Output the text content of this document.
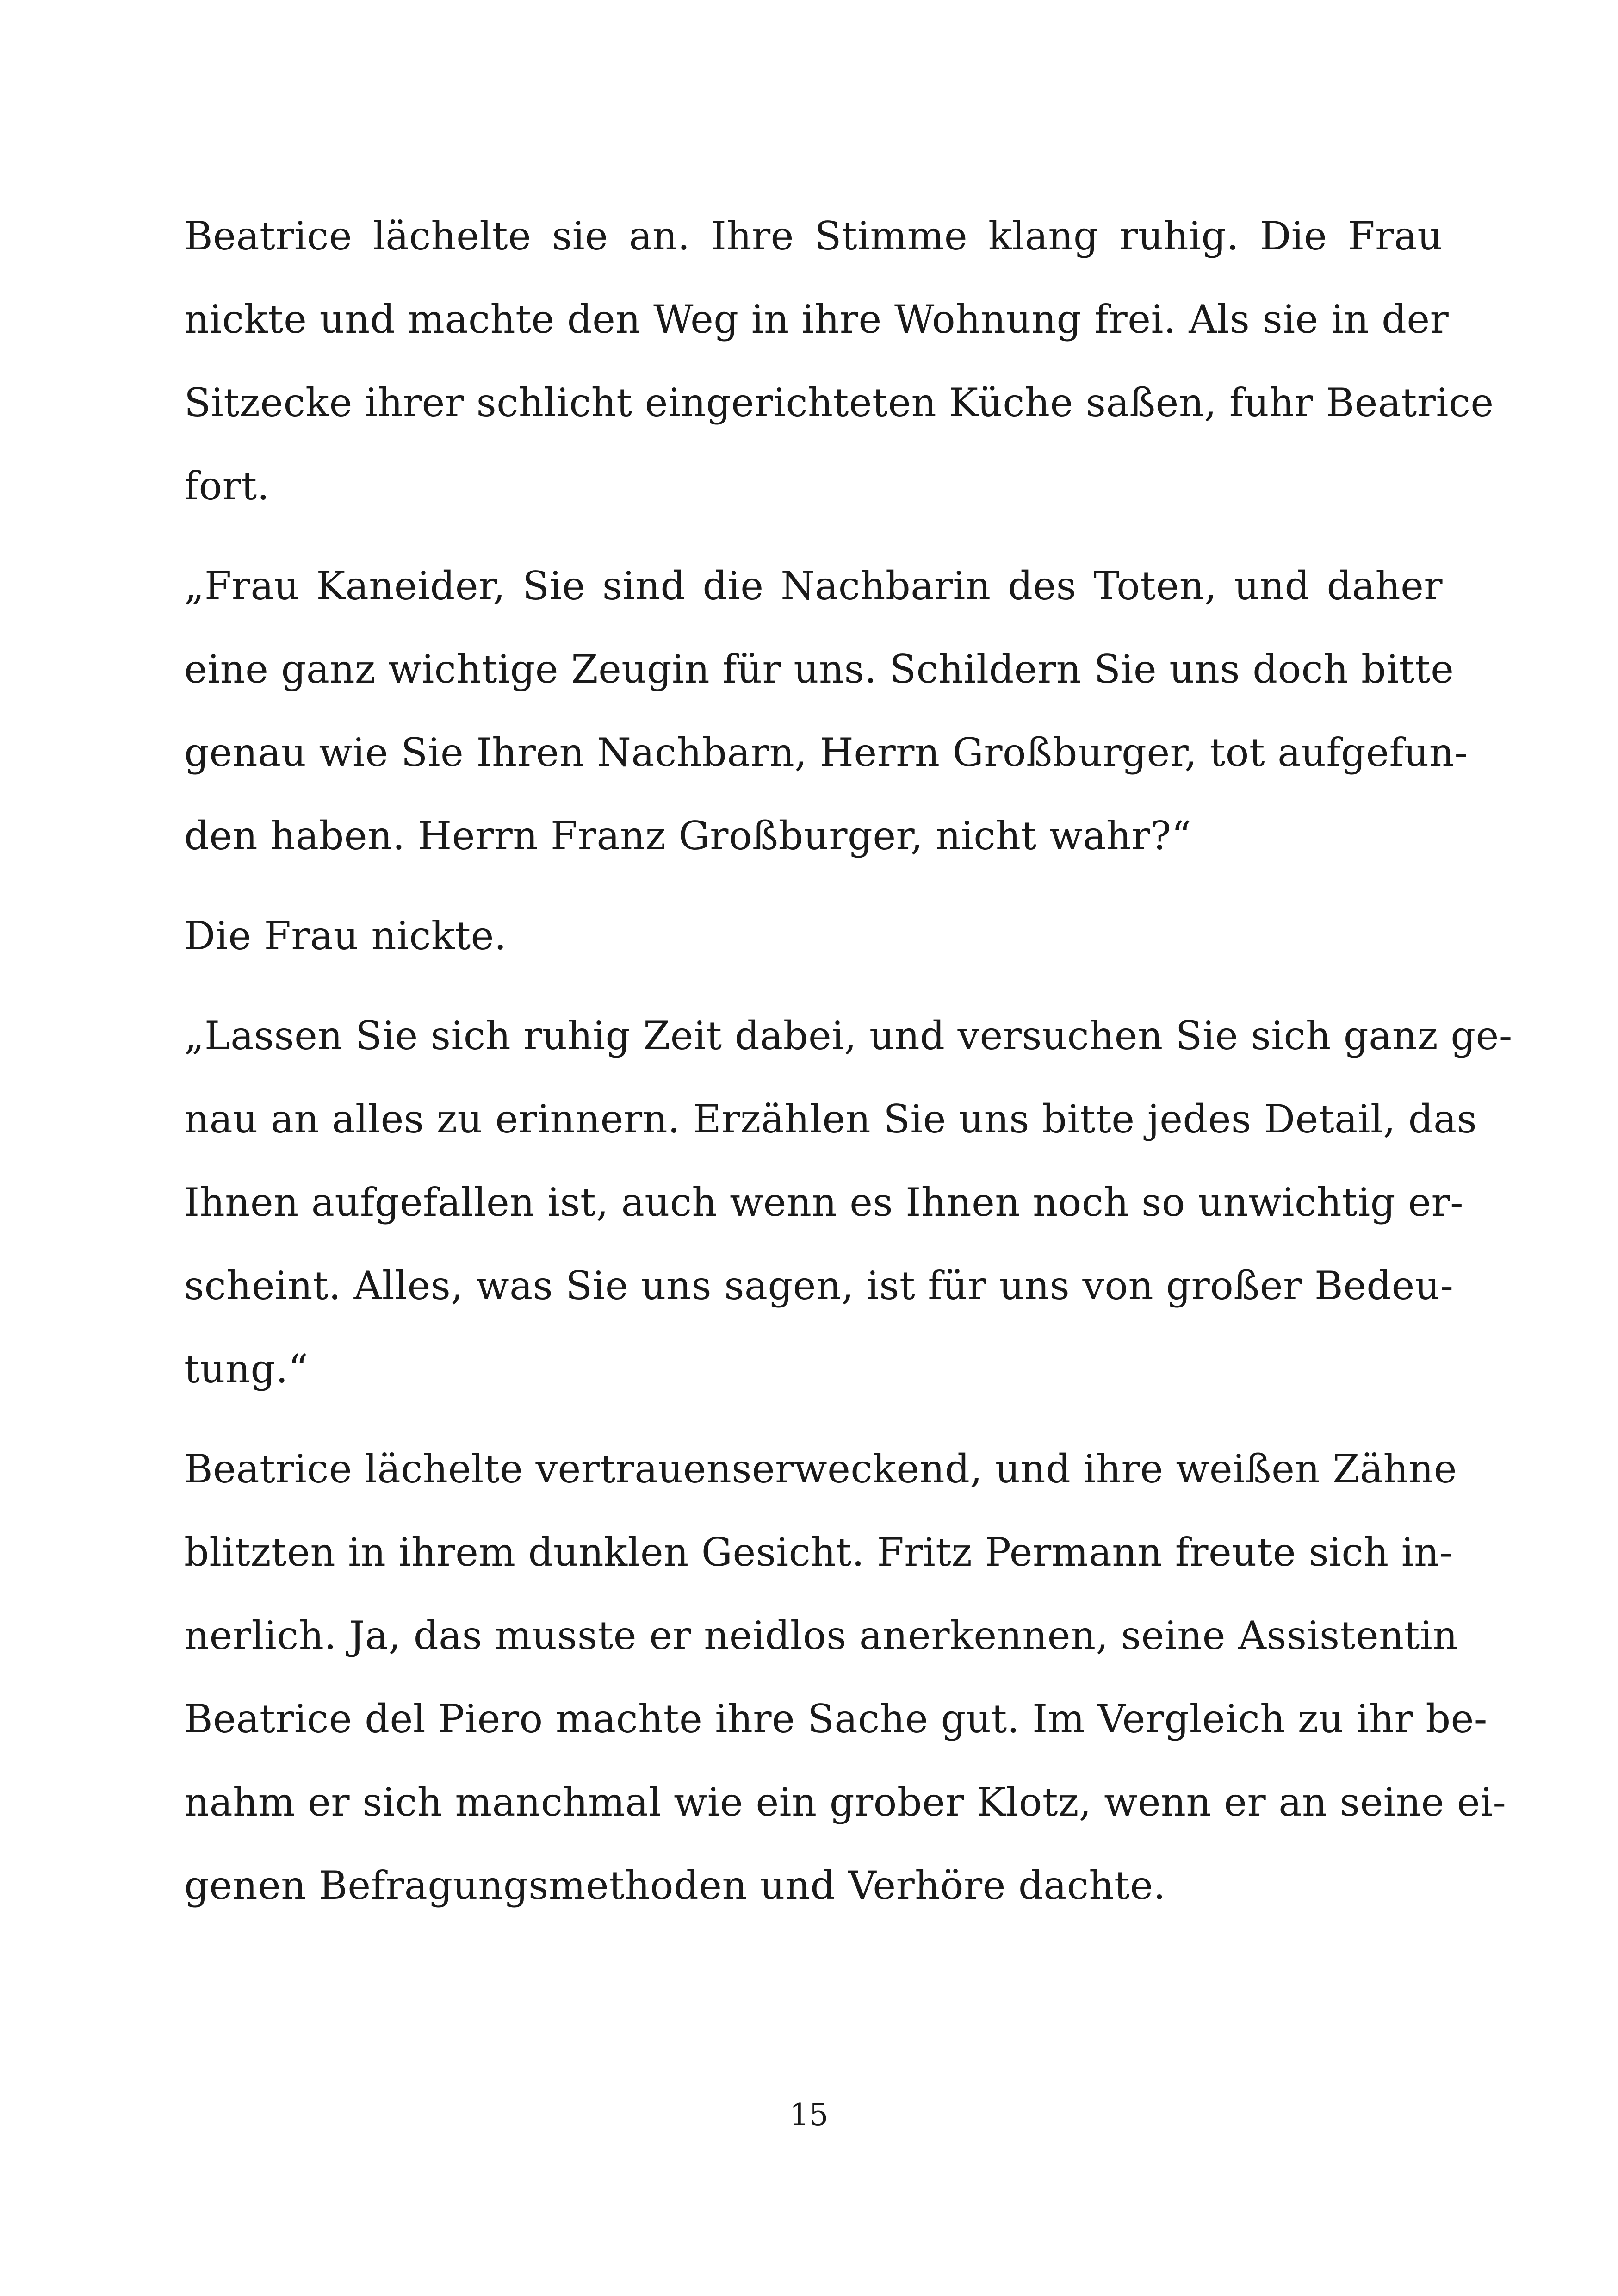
Beatrice lächelte sie an. Ihre Stimme klang ruhig. Die Frau
nickte und machte den Weg in ihre Wohnung frei. Als sie in der
Sitzecke ihrer schlicht eingerichteten Küche saßen, fuhr Beatrice
fort.
„Frau Kaneider, Sie sind die Nachbarin des Toten, und daher
eine ganz wichtige Zeugin für uns. Schildern Sie uns doch bitte
genau wie Sie Ihren Nachbarn, Herrn Großburger, tot aufgefun-
den haben. Herrn Franz Großburger, nicht wahr?“
Die Frau nickte.
„Lassen Sie sich ruhig Zeit dabei, und versuchen Sie sich ganz ge-
nau an alles zu erinnern. Erzählen Sie uns bitte jedes Detail, das
Ihnen aufgefallen ist, auch wenn es Ihnen noch so unwichtig er-
scheint. Alles, was Sie uns sagen, ist für uns von großer Bedeu-
tung.“
Beatrice lächelte vertrauenserweckend, und ihre weißen Zähne
blitzten in ihrem dunklen Gesicht. Fritz Permann freute sich in-
nerlich. Ja, das musste er neidlos anerkennen, seine Assistentin
Beatrice del Piero machte ihre Sache gut. Im Vergleich zu ihr be-
nahm er sich manchmal wie ein grober Klotz, wenn er an seine ei-
genen Befragungsmethoden und Verhöre dachte.
15
